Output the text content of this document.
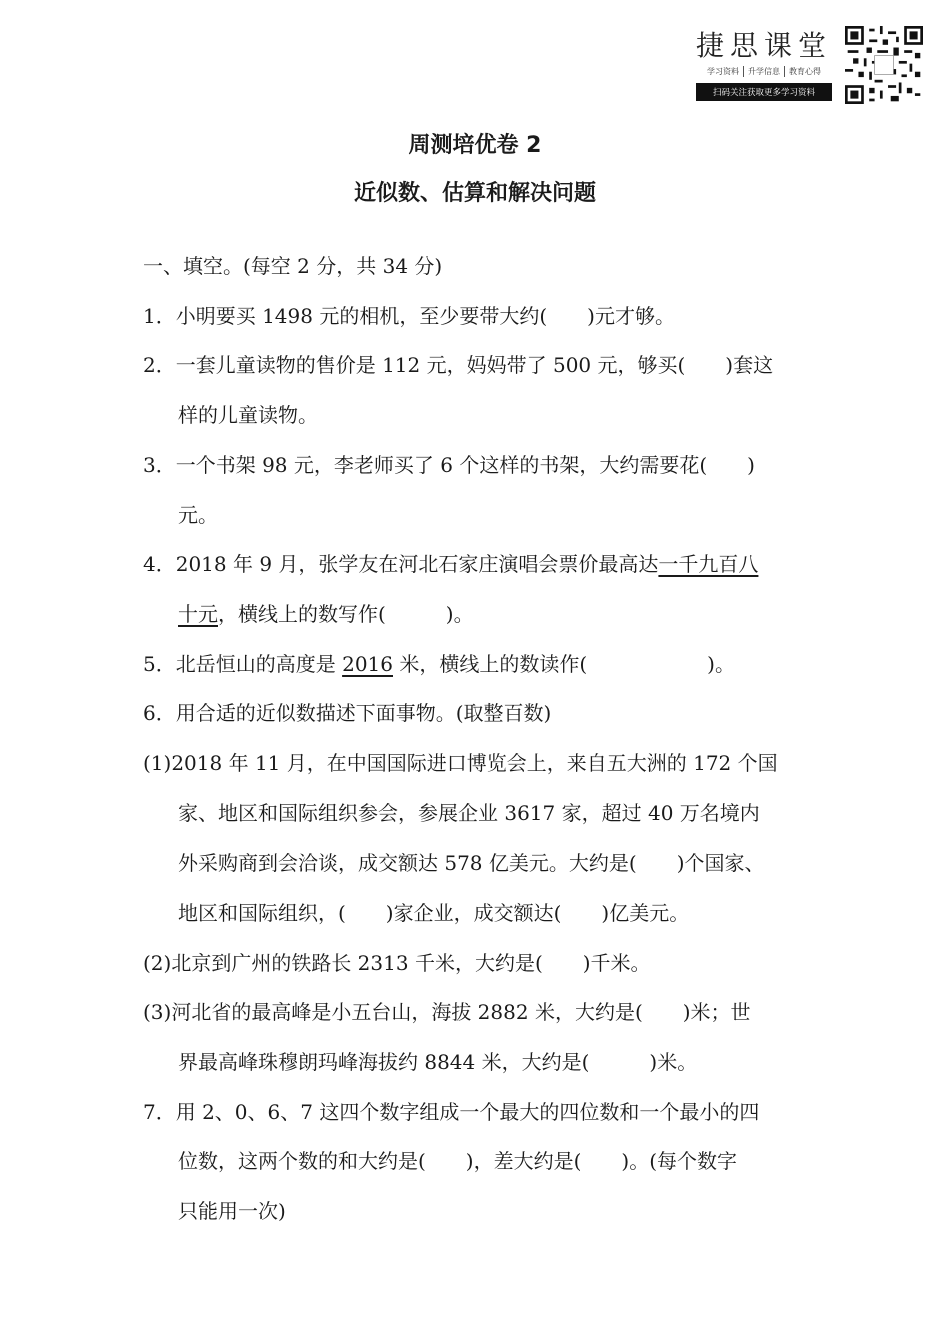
捷思课堂
学习资料	升学信息	教育心得
扫码关注获取更多学习资料
周测培优卷 2
近似数、估算和解决问题
一、填空。(每空 2 分，共 34 分)
1．小明要买 1498 元的相机，至少要带大约(　　)元才够。
2．一套儿童读物的售价是 112 元，妈妈带了 500 元，够买(　　)套这
样的儿童读物。
3．一个书架 98 元，李老师买了 6 个这样的书架，大约需要花(　　)
元。
4．2018 年 9 月，张学友在河北石家庄演唱会票价最高达一千九百八
十元，横线上的数写作(　　　)。
5．北岳恒山的高度是 2016 米，横线上的数读作(　　　　　　)。
6．用合适的近似数描述下面事物。(取整百数)
(1)2018 年 11 月，在中国国际进口博览会上，来自五大洲的 172 个国
家、地区和国际组织参会，参展企业 3617 家，超过 40 万名境内
外采购商到会洽谈，成交额达 578 亿美元。大约是(　　)个国家、
地区和国际组织，(　　)家企业，成交额达(　　)亿美元。
(2)北京到广州的铁路长 2313 千米，大约是(　　)千米。
(3)河北省的最高峰是小五台山，海拔 2882 米，大约是(　　)米；世
界最高峰珠穆朗玛峰海拔约 8844 米，大约是(　　　)米。
7．用 2、0、6、7 这四个数字组成一个最大的四位数和一个最小的四
位数，这两个数的和大约是(　　)，差大约是(　　)。(每个数字
只能用一次)
